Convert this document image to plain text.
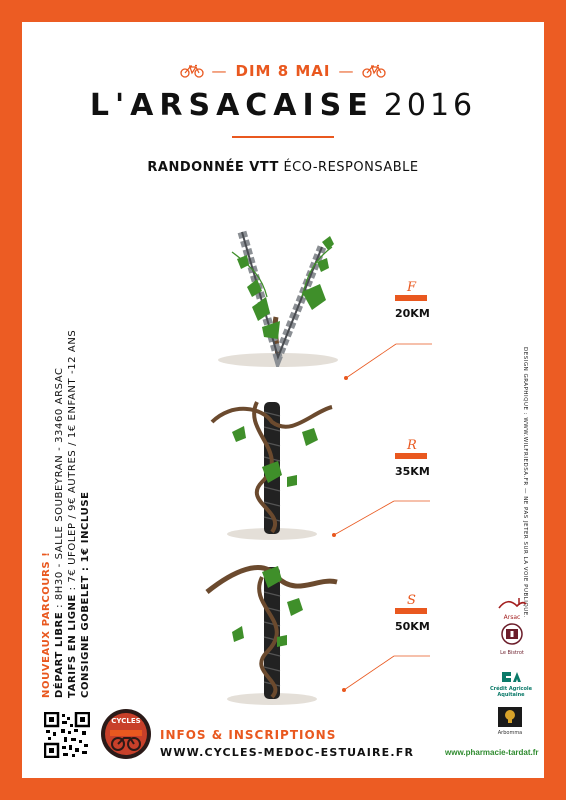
— DIM 8 MAI —
L'ARSACAISE 2016
RANDONNÉE VTT ÉCO-RESPONSABLE
F
20KM
R
35KM
S
50KM
NOUVEAUX PARCOURS ! DÉPART LIBRE : 8H30 - SALLE SOUBEYRAN - 33460 ARSAC
TARIFS EN LIGNE : 7€ UFOLEP / 9€ AUTRES / 1€ ENFANT -12 ANS
CONSIGNE GOBELET : 1€ INCLUSE	DESIGN GRAPHIQUE : WWW.WILFRIEDSA.FR — NE PAS JETER SUR LA VOIE PUBLIQUE.
CYCLES
INFOS & INSCRIPTIONS
WWW.CYCLES-MEDOC-ESTUAIRE.FR
Arsac
Le Bistrot
Crédit Agricole Aquitaine
Arbomma
www.pharmacie-tardat.fr
